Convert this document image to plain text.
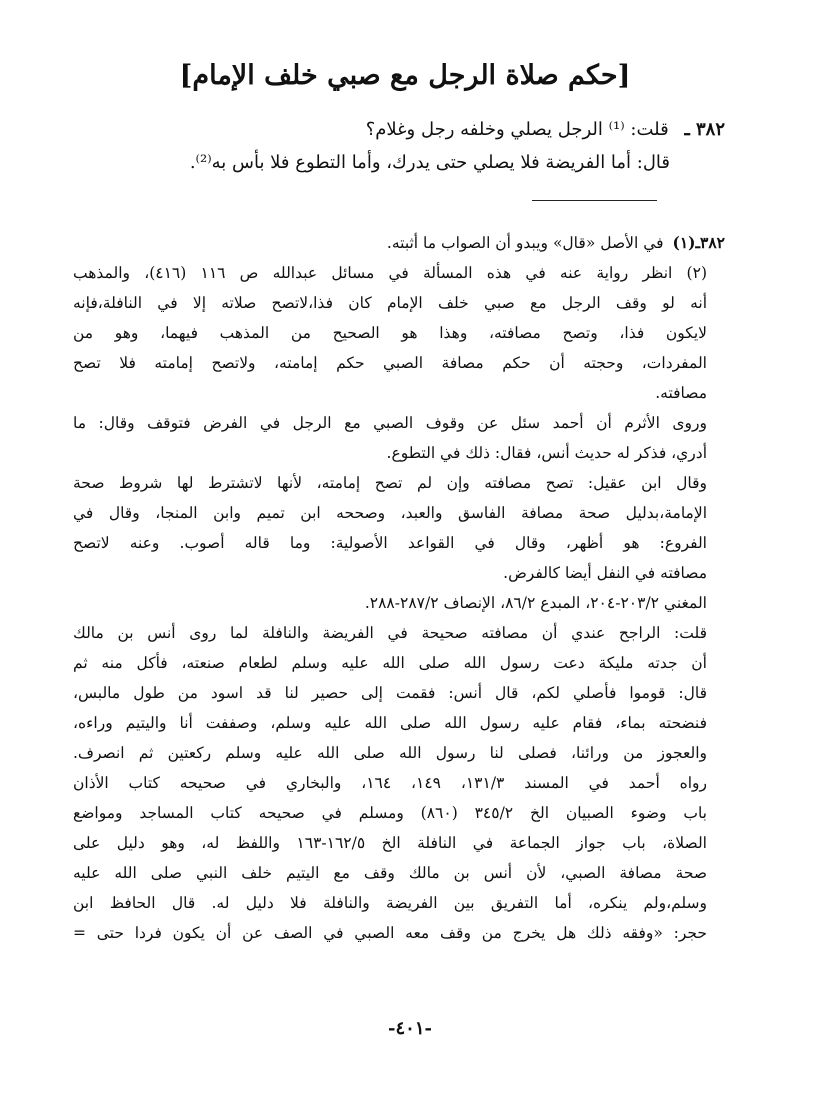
[حكم صلاة الرجل مع صبي خلف الإمام]
٣٨٢ ـ قلت: ⁽¹⁾ الرجل يصلي وخلفه رجل وغلام؟
قال: أما الفريضة فلا يصلي حتى يدرك، وأما التطوع فلا بأس به⁽²⁾.
٣٨٢ـ(١) في الأصل «قال» ويبدو أن الصواب ما أثبته.
(٢) انظر رواية عنه في هذه المسألة في مسائل عبدالله ص ١١٦ (٤١٦)، والمذهب
أنه لو وقف الرجل مع صبي خلف الإمام كان فذا،لاتصح صلاته إلا في النافلة،فإنه
لايكون فذا، وتصح مصافته، وهذا هو الصحيح من المذهب فيهما، وهو من
المفردات، وحجته أن حكم مصافة الصبي حكم إمامته، ولاتصح إمامته فلا تصح
مصافته.
وروى الأثرم أن أحمد سئل عن وقوف الصبي مع الرجل في الفرض فتوقف وقال: ما
أدري، فذكر له حديث أنس، فقال: ذلك في التطوع.
وقال ابن عقيل: تصح مصافته وإن لم تصح إمامته، لأنها لاتشترط لها شروط صحة
الإمامة،بدليل صحة مصافة الفاسق والعبد، وصححه ابن تميم وابن المنجا، وقال في
الفروع: هو أظهر، وقال في القواعد الأصولية: وما قاله أصوب. وعنه لاتصح
مصافته في النفل أيضا كالفرض.
المغني ٢٠٣/٢-٢٠٤، المبدع ٨٦/٢، الإنصاف ٢٨٧/٢-٢٨٨.
قلت: الراجح عندي أن مصافته صحيحة في الفريضة والنافلة لما روى أنس بن مالك
أن جدته مليكة دعت رسول الله صلى الله عليه وسلم لطعام صنعته، فأكل منه ثم
قال: قوموا فأصلي لكم، قال أنس: فقمت إلى حصير لنا قد اسود من طول مالبس،
فنضحته بماء، فقام عليه رسول الله صلى الله عليه وسلم، وصففت أنا واليتيم وراءه،
والعجوز من ورائنا، فصلى لنا رسول الله صلى الله عليه وسلم ركعتين ثم انصرف.
رواه أحمد في المسند ١٣١/٣، ١٤٩، ١٦٤، والبخاري في صحيحه كتاب الأذان
باب وضوء الصبيان الخ ٣٤٥/٢ (٨٦٠) ومسلم في صحيحه كتاب المساجد ومواضع
الصلاة، باب جواز الجماعة في النافلة الخ ١٦٢/٥-١٦٣ واللفظ له، وهو دليل على
صحة مصافة الصبي، لأن أنس بن مالك وقف مع اليتيم خلف النبي صلى الله عليه
وسلم،ولم ينكره، أما التفريق بين الفريضة والنافلة فلا دليل له. قال الحافظ ابن
حجر: «وفقه ذلك هل يخرج من وقف معه الصبي في الصف عن أن يكون فردا حتى =
-٤٠١-
